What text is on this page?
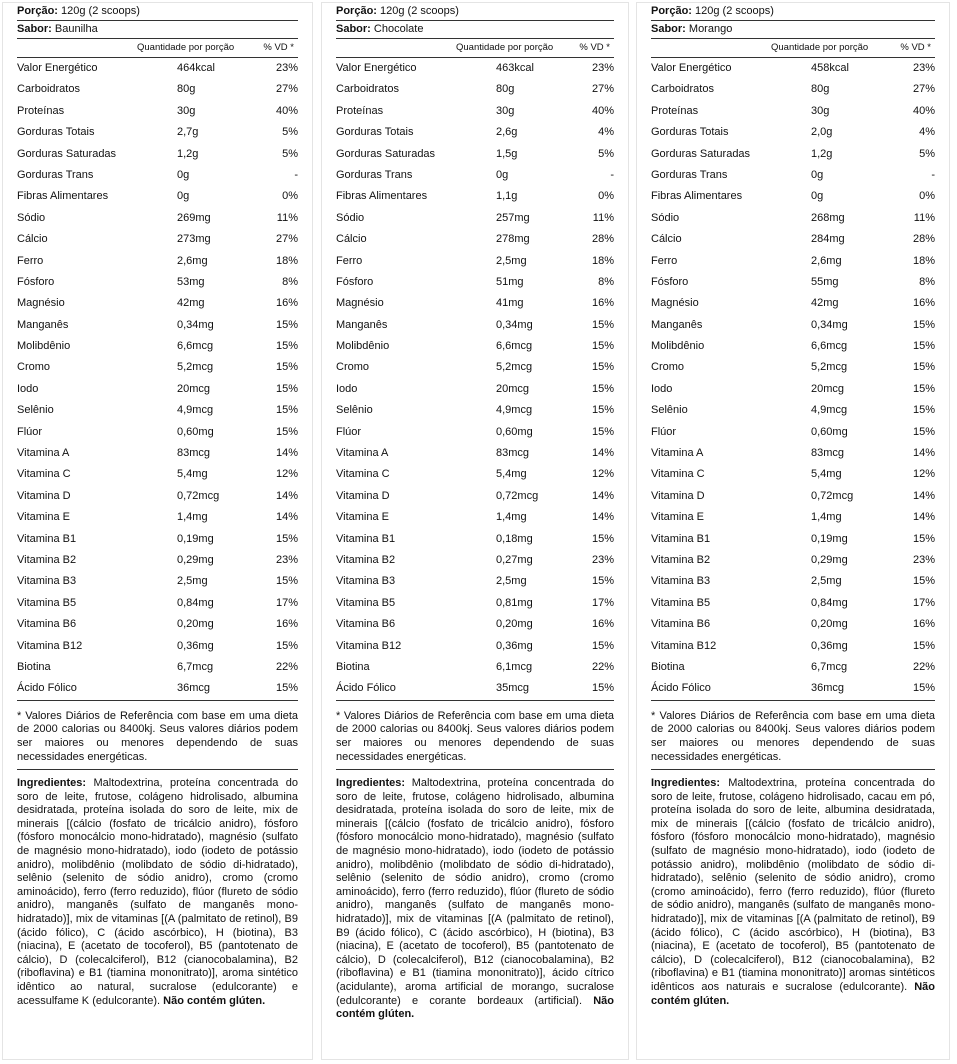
Porção: 120g (2 scoops)
Sabor: Baunilha
Quantidade por porção	% VD *
Valor Energético	464kcal	23%
Carboidratos	80g	27%
Proteínas	30g	40%
Gorduras Totais	2,7g	5%
Gorduras Saturadas	1,2g	5%
Gorduras Trans	0g	-
Fibras Alimentares	0g	0%
Sódio	269mg	11%
Cálcio	273mg	27%
Ferro	2,6mg	18%
Fósforo	53mg	8%
Magnésio	42mg	16%
Manganês	0,34mg	15%
Molibdênio	6,6mcg	15%
Cromo	5,2mcg	15%
Iodo	20mcg	15%
Selênio	4,9mcg	15%
Flúor	0,60mg	15%
Vitamina A	83mcg	14%
Vitamina C	5,4mg	12%
Vitamina D	0,72mcg	14%
Vitamina E	1,4mg	14%
Vitamina B1	0,19mg	15%
Vitamina B2	0,29mg	23%
Vitamina B3	2,5mg	15%
Vitamina B5	0,84mg	17%
Vitamina B6	0,20mg	16%
Vitamina B12	0,36mg	15%
Biotina	6,7mcg	22%
Ácido Fólico	36mcg	15%
* Valores Diários de Referência com base em uma dieta de 2000 calorias ou 8400kj. Seus valores diários podem ser maiores ou menores dependendo de suas necessidades energéticas.
Ingredientes: Maltodextrina, proteína concentrada do soro de leite, frutose, colágeno hidrolisado, albumina desidratada, proteína isolada do soro de leite, mix de minerais [(cálcio (fosfato de tricálcio anidro), fósforo (fósforo monocálcio mono-hidratado), magnésio (sulfato de magnésio mono-hidratado), iodo (iodeto de potássio anidro), molibdênio (molibdato de sódio di-hidratado), selênio (selenito de sódio anidro), cromo (cromo aminoácido), ferro (ferro reduzido), flúor (flureto de sódio anidro), manganês (sulfato de manganês mono-hidratado)], mix de vitaminas [(A (palmitato de retinol), B9 (ácido fólico), C (ácido ascórbico), H (biotina), B3 (niacina), E (acetato de tocoferol), B5 (pantotenato de cálcio), D (colecalciferol), B12 (cianocobalamina), B2 (riboflavina) e B1 (tiamina mononitrato)], aroma sintético idêntico ao natural, sucralose (edulcorante) e acessulfame K (edulcorante). Não contém glúten.
Porção: 120g (2 scoops)
Sabor: Chocolate
Quantidade por porção	% VD *
Valor Energético	463kcal	23%
Carboidratos	80g	27%
Proteínas	30g	40%
Gorduras Totais	2,6g	4%
Gorduras Saturadas	1,5g	5%
Gorduras Trans	0g	-
Fibras Alimentares	1,1g	0%
Sódio	257mg	11%
Cálcio	278mg	28%
Ferro	2,5mg	18%
Fósforo	51mg	8%
Magnésio	41mg	16%
Manganês	0,34mg	15%
Molibdênio	6,6mcg	15%
Cromo	5,2mcg	15%
Iodo	20mcg	15%
Selênio	4,9mcg	15%
Flúor	0,60mg	15%
Vitamina A	83mcg	14%
Vitamina C	5,4mg	12%
Vitamina D	0,72mcg	14%
Vitamina E	1,4mg	14%
Vitamina B1	0,18mg	15%
Vitamina B2	0,27mg	23%
Vitamina B3	2,5mg	15%
Vitamina B5	0,81mg	17%
Vitamina B6	0,20mg	16%
Vitamina B12	0,36mg	15%
Biotina	6,1mcg	22%
Ácido Fólico	35mcg	15%
* Valores Diários de Referência com base em uma dieta de 2000 calorias ou 8400kj. Seus valores diários podem ser maiores ou menores dependendo de suas necessidades energéticas.
Ingredientes: Maltodextrina, proteína concentrada do soro de leite, frutose, colágeno hidrolisado, albumina desidratada, proteína isolada do soro de leite, mix de minerais [(cálcio (fosfato de tricálcio anidro), fósforo (fósforo monocálcio mono-hidratado), magnésio (sulfato de magnésio mono-hidratado), iodo (iodeto de potássio anidro), molibdênio (molibdato de sódio di-hidratado), selênio (selenito de sódio anidro), cromo (cromo aminoácido), ferro (ferro reduzido), flúor (flureto de sódio anidro), manganês (sulfato de manganês mono-hidratado)], mix de vitaminas [(A (palmitato de retinol), B9 (ácido fólico), C (ácido ascórbico), H (biotina), B3 (niacina), E (acetato de tocoferol), B5 (pantotenato de cálcio), D (colecalciferol), B12 (cianocobalamina), B2 (riboflavina) e B1 (tiamina mononitrato)], ácido cítrico (acidulante), aroma artificial de morango, sucralose (edulcorante) e corante bordeaux (artificial). Não contém glúten.
Porção: 120g (2 scoops)
Sabor: Morango
Quantidade por porção	% VD *
Valor Energético	458kcal	23%
Carboidratos	80g	27%
Proteínas	30g	40%
Gorduras Totais	2,0g	4%
Gorduras Saturadas	1,2g	5%
Gorduras Trans	0g	-
Fibras Alimentares	0g	0%
Sódio	268mg	11%
Cálcio	284mg	28%
Ferro	2,6mg	18%
Fósforo	55mg	8%
Magnésio	42mg	16%
Manganês	0,34mg	15%
Molibdênio	6,6mcg	15%
Cromo	5,2mcg	15%
Iodo	20mcg	15%
Selênio	4,9mcg	15%
Flúor	0,60mg	15%
Vitamina A	83mcg	14%
Vitamina C	5,4mg	12%
Vitamina D	0,72mcg	14%
Vitamina E	1,4mg	14%
Vitamina B1	0,19mg	15%
Vitamina B2	0,29mg	23%
Vitamina B3	2,5mg	15%
Vitamina B5	0,84mg	17%
Vitamina B6	0,20mg	16%
Vitamina B12	0,36mg	15%
Biotina	6,7mcg	22%
Ácido Fólico	36mcg	15%
* Valores Diários de Referência com base em uma dieta de 2000 calorias ou 8400kj. Seus valores diários podem ser maiores ou menores dependendo de suas necessidades energéticas.
Ingredientes: Maltodextrina, proteína concentrada do soro de leite, frutose, colágeno hidrolisado, cacau em pó, proteína isolada do soro de leite, albumina desidratada, mix de minerais [(cálcio (fosfato de tricálcio anidro), fósforo (fósforo monocálcio mono-hidratado), magnésio (sulfato de magnésio mono-hidratado), iodo (iodeto de potássio anidro), molibdênio (molibdato de sódio di-hidratado), selênio (selenito de sódio anidro), cromo (cromo aminoácido), ferro (ferro reduzido), flúor (flureto de sódio anidro), manganês (sulfato de manganês mono-hidratado)], mix de vitaminas [(A (palmitato de retinol), B9 (ácido fólico), C (ácido ascórbico), H (biotina), B3 (niacina), E (acetato de tocoferol), B5 (pantotenato de cálcio), D (colecalciferol), B12 (cianocobalamina), B2 (riboflavina) e B1 (tiamina mononitrato)] aromas sintéticos idênticos aos naturais e sucralose (edulcorante). Não contém glúten.
